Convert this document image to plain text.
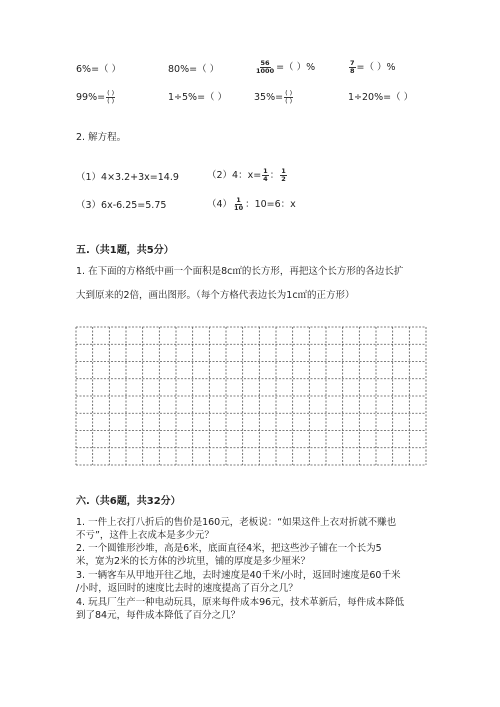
6%=（ ）	80%=（ ）	$\frac{56}{1000}$ =（ ）%	$\frac{7}{8}$ =（ ）%
$99\%= \frac{( )}{( )}$	1÷5%=（ ）	$35\%= \frac{( )}{( )}$	1÷20%=（ ）
2. 解方程。
（1）4×3.2+3x=14.9	（2）4：$x= \frac{1}{4}$ ： $\frac{1}{2}$
（3）6x-6.25=5.75	$(4) \frac{1}{10}$ ：10=6：x
五.（共1题，共5分）
1. 在下面的方格纸中画一个面积是8c㎡的长方形，再把这个长方形的各边长扩
大到原来的2倍，画出图形。（每个方格代表边长为1c㎡的正方形）
六.（共6题，共32分）
1. 一件上衣打八折后的售价是160元，老板说：“如果这件上衣对折就不赚也
不亏”，这件上衣成本是多少元？
2. 一个圆锥形沙堆，高是6米，底面直径4米，把这些沙子铺在一个长为5
米，宽为2米的长方体的沙坑里，铺的厚度是多少厘米？
3. 一辆客车从甲地开往乙地，去时速度是40千米/小时，返回时速度是60千米
/小时，返回时的速度比去时的速度提高了百分之几？
4. 玩具厂生产一种电动玩具，原来每件成本96元，技术革新后，每件成本降低
到了84元，每件成本降低了百分之几？
